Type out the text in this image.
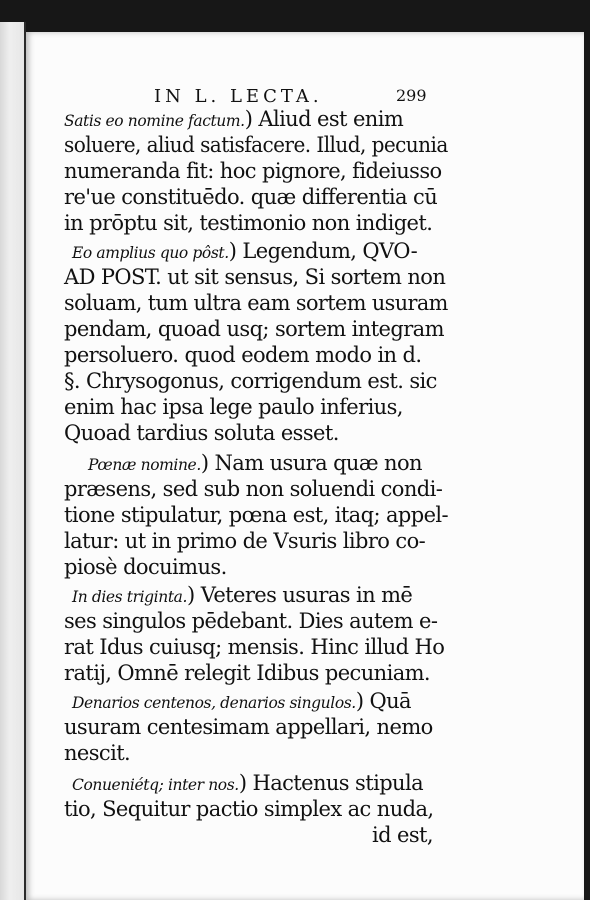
IN L. LECTA.	299
Satis eo nomine factum.) Aliud est enim
soluere, aliud satisfacere. Illud, pecunia
numeranda fit: hoc pignore, fideiusso
re'ue constituēdo. quæ differentia cū
in prōptu sit, testimonio non indiget.
Eo amplius quo pôst.) Legendum, QVO-
AD POST. ut sit sensus, Si sortem non
soluam, tum ultra eam sortem usuram
pendam, quoad usq; sortem integram
persoluero. quod eodem modo in d.
§. Chrysogonus, corrigendum est. sic
enim hac ipsa lege paulo inferius,
Quoad tardius soluta esset.
Pœnæ nomine.) Nam usura quæ non
præsens, sed sub non soluendi condi-
tione stipulatur, pœna est, itaq; appel-
latur: ut in primo de Vsuris libro co-
piosè docuimus.
In dies triginta.) Veteres usuras in mē
ses singulos pēdebant. Dies autem e-
rat Idus cuiusq; mensis. Hinc illud Ho
ratij, Omnē relegit Idibus pecuniam.
Denarios centenos, denarios singulos.) Quā
usuram centesimam appellari, nemo
nescit.
Conueniétq; inter nos.) Hactenus stipula
tio, Sequitur pactio simplex ac nuda,
id est,
